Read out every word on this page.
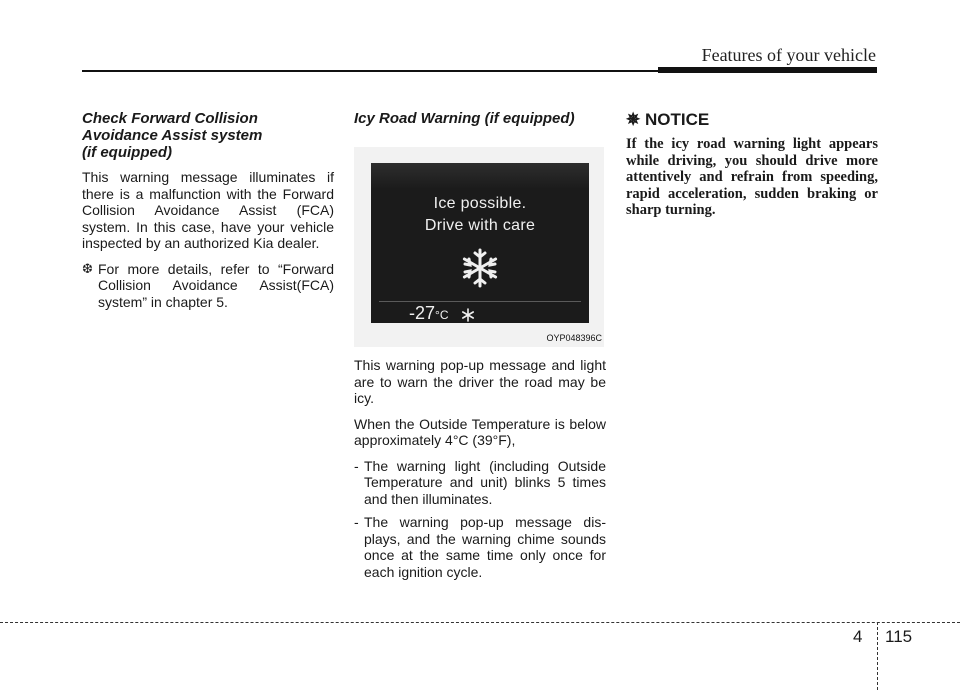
Features of your vehicle
Check Forward Collision
Avoidance Assist system
(if equipped)

This warning message illuminates if there is a malfunction with the Forward Collision Avoidance Assist (FCA) system. In this case, have your vehicle inspected by an authorized Kia dealer.

❆ For more details, refer to “Forward Collision Avoidance Assist(FCA) system” in chapter 5.
Icy Road Warning (if equipped)
Ice possible.
Drive with care
-27°C
OYP048396C

This warning pop-up message and light are to warn the driver the road may be icy.

When the Outside Temperature is below approximately 4°C (39°F),

- The warning light (including Outside Temperature and unit) blinks 5 times and then illuminates.
- The warning pop-up message displays, and the warning chime sounds once at the same time only once for each ignition cycle.
✵ NOTICE

If the icy road warning light appears while driving, you should drive more attentively and refrain from speeding, rapid acceleration, sudden braking or sharp turning.

4 115
